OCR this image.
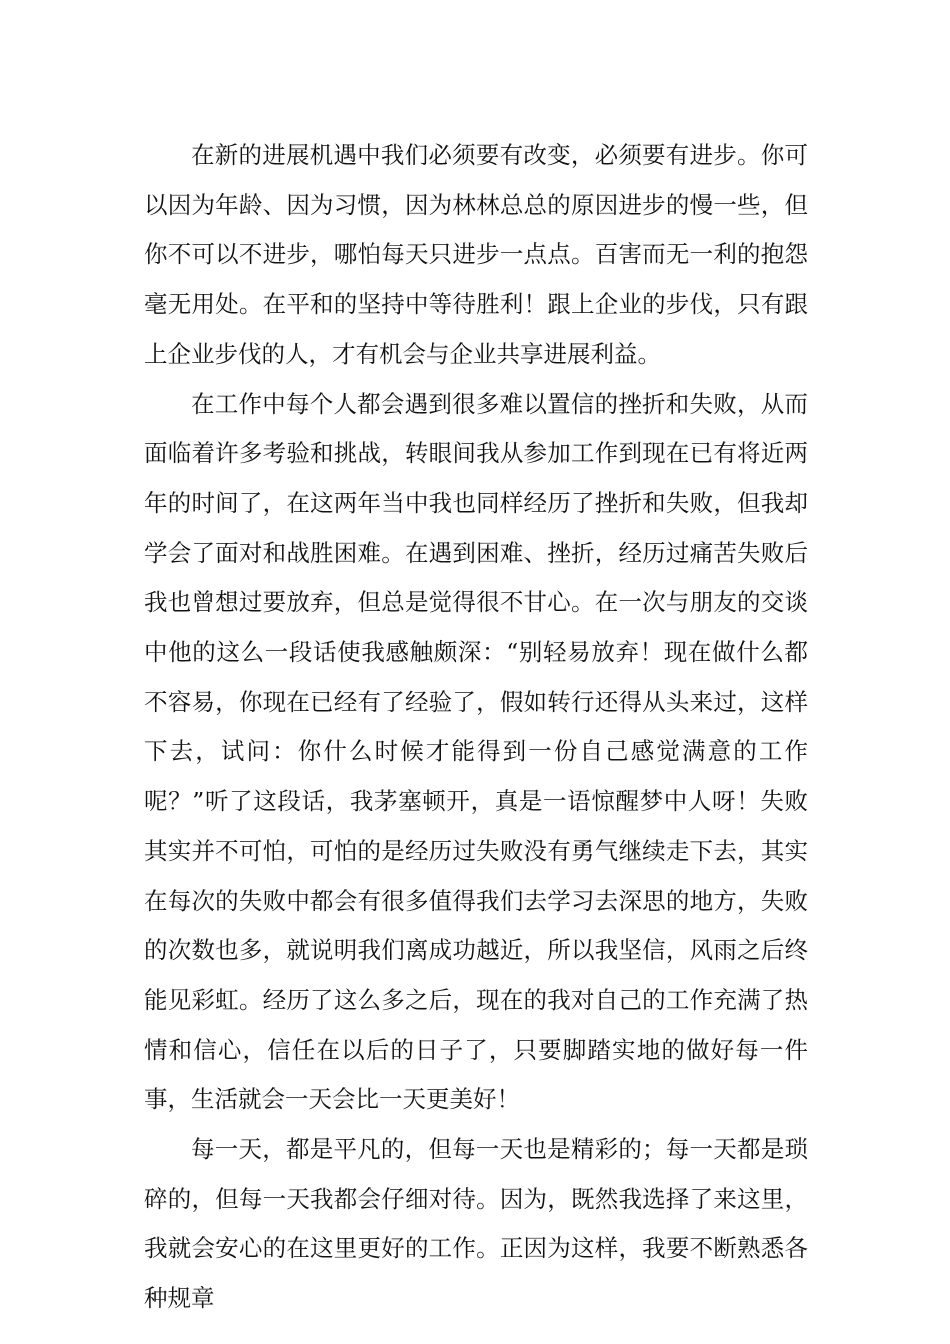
在新的进展机遇中我们必须要有改变，必须要有进步。你可以因为年龄、因为习惯，因为林林总总的原因进步的慢一些，但你不可以不进步，哪怕每天只进步一点点。百害而无一利的抱怨毫无用处。在平和的坚持中等待胜利！跟上企业的步伐，只有跟上企业步伐的人，才有机会与企业共享进展利益。

在工作中每个人都会遇到很多难以置信的挫折和失败，从而面临着许多考验和挑战，转眼间我从参加工作到现在已有将近两年的时间了，在这两年当中我也同样经历了挫折和失败，但我却学会了面对和战胜困难。在遇到困难、挫折，经历过痛苦失败后我也曾想过要放弃，但总是觉得很不甘心。在一次与朋友的交谈中他的这么一段话使我感触颇深：“别轻易放弃！现在做什么都不容易，你现在已经有了经验了，假如转行还得从头来过，这样下去，试问：你什么时候才能得到一份自己感觉满意的工作呢？”听了这段话，我茅塞顿开，真是一语惊醒梦中人呀！失败其实并不可怕，可怕的是经历过失败没有勇气继续走下去，其实在每次的失败中都会有很多值得我们去学习去深思的地方，失败的次数也多，就说明我们离成功越近，所以我坚信，风雨之后终能见彩虹。经历了这么多之后，现在的我对自己的工作充满了热情和信心，信任在以后的日子了，只要脚踏实地的做好每一件事，生活就会一天会比一天更美好！

每一天，都是平凡的，但每一天也是精彩的；每一天都是琐碎的，但每一天我都会仔细对待。因为，既然我选择了来这里，我就会安心的在这里更好的工作。正因为这样，我要不断熟悉各种规章
